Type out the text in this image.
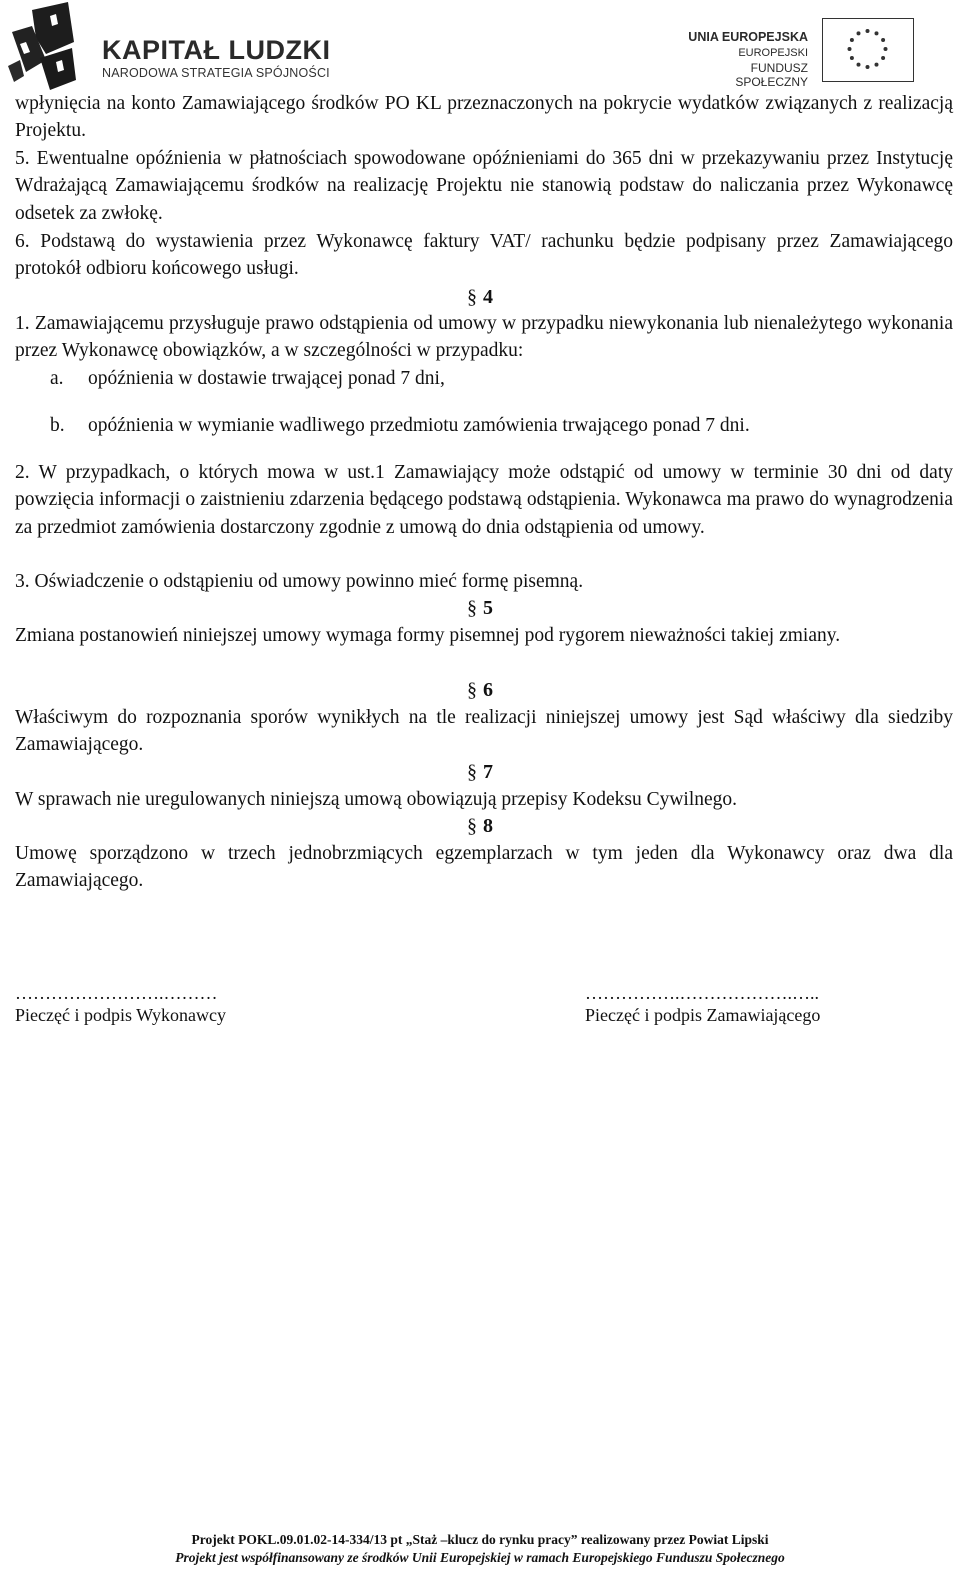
KAPITAŁ LUDZKI
NARODOWA STRATEGIA SPÓJNOŚCI
UNIA EUROPEJSKA
EUROPEJSKI
FUNDUSZ SPOŁECZNY
wpłynięcia na konto Zamawiającego środków PO KL przeznaczonych na pokrycie wydatków związanych z realizacją Projektu.
5. Ewentualne opóźnienia w płatnościach spowodowane opóźnieniami do 365 dni w przekazywaniu przez Instytucję Wdrażającą Zamawiającemu środków na realizację Projektu nie stanowią podstaw do naliczania przez Wykonawcę odsetek za zwłokę.
6. Podstawą do wystawienia przez Wykonawcę faktury VAT/ rachunku będzie podpisany przez Zamawiającego protokół odbioru końcowego usługi.
§ 4
1. Zamawiającemu przysługuje prawo odstąpienia od umowy w przypadku niewykonania lub nienależytego wykonania przez Wykonawcę obowiązków, a w szczególności w przypadku:
a. opóźnienia w dostawie trwającej ponad 7 dni,
b. opóźnienia w wymianie wadliwego przedmiotu zamówienia trwającego ponad 7 dni.
2. W przypadkach, o których mowa w ust.1 Zamawiający może odstąpić od umowy w terminie 30 dni od daty powzięcia informacji o zaistnieniu zdarzenia będącego podstawą odstąpienia. Wykonawca ma prawo do wynagrodzenia za przedmiot zamówienia dostarczony zgodnie z umową do dnia odstąpienia od umowy.
3. Oświadczenie o odstąpieniu od umowy powinno mieć formę pisemną.
§ 5
Zmiana postanowień niniejszej umowy wymaga formy pisemnej pod rygorem nieważności takiej zmiany.
§ 6
Właściwym do rozpoznania sporów wynikłych na tle realizacji niniejszej umowy jest Sąd właściwy dla siedziby Zamawiającego.
§ 7
W sprawach nie uregulowanych niniejszą umową obowiązują przepisy Kodeksu Cywilnego.
§ 8
Umowę sporządzono w trzech jednobrzmiących egzemplarzach w tym jeden dla Wykonawcy oraz dwa dla Zamawiającego.
…………………….………
Pieczęć i podpis Wykonawcy
…………….……………….…..
Pieczęć i podpis Zamawiającego
Projekt POKL.09.01.02-14-334/13 pt „Staż –klucz do rynku pracy” realizowany przez Powiat Lipski
Projekt jest współfinansowany ze środków Unii Europejskiej w ramach Europejskiego Funduszu Społecznego
